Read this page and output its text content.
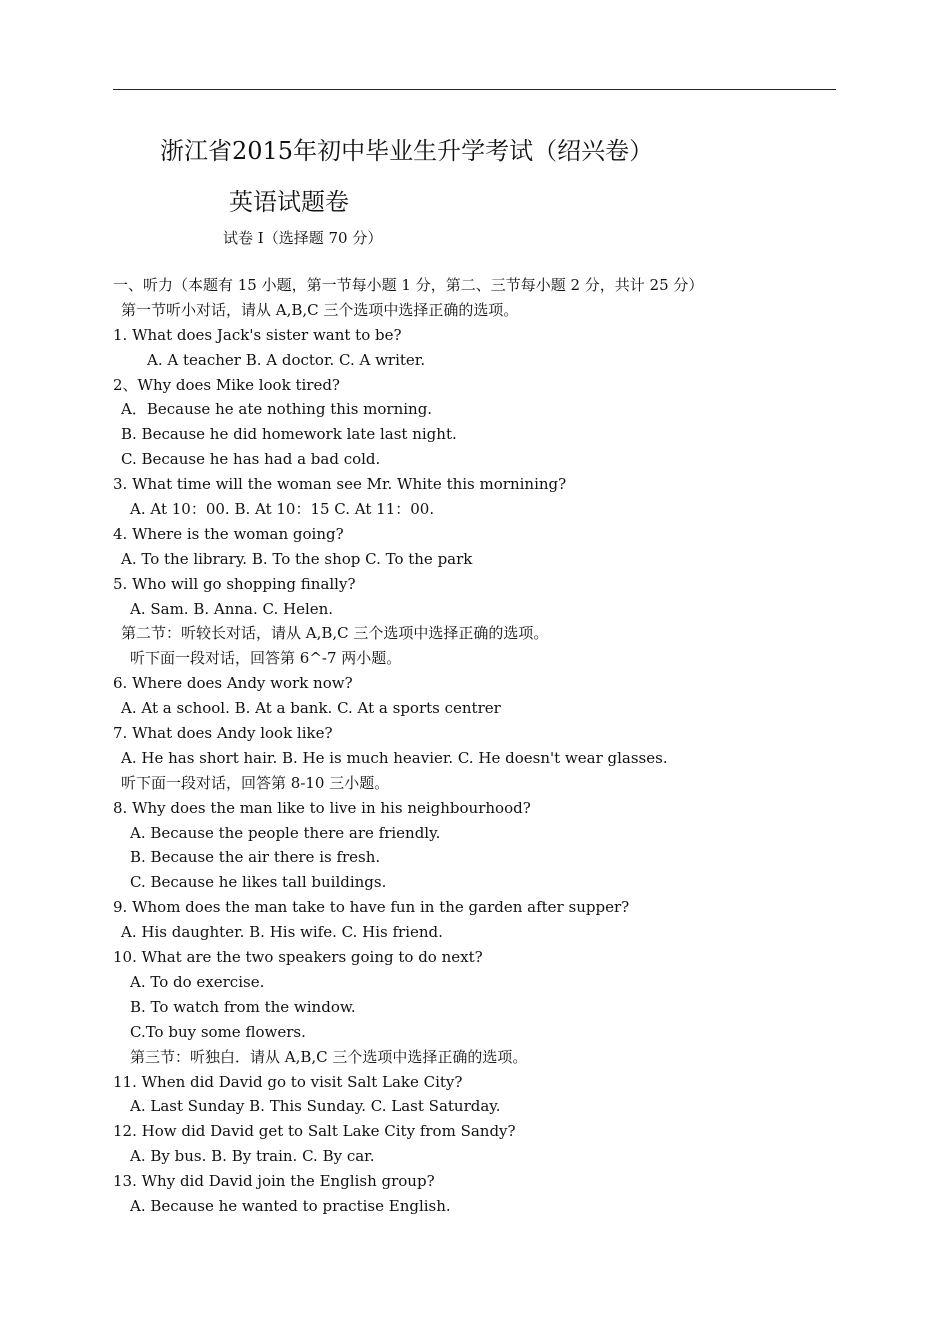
浙江省2015年初中毕业生升学考试（绍兴卷）
英语试题卷
试卷 I（选择题 70 分）
一、听力（本题有 15 小题，第一节每小题 1 分，第二、三节每小题 2 分，共计 25 分）
第一节听小对话，请从 A,B,C 三个选项中选择正确的选项。
1. What does Jack's sister want to be?
A. A teacher B. A doctor. C. A writer.
2、Why does Mike look tired?
A．Because he ate nothing this morning.
B. Because he did homework late last night.
C. Because he has had a bad cold.
3. What time will the woman see Mr. White this mornining?
A. At 10：00. B. At 10：15 C. At 11：00.
4. Where is the woman going?
A. To the library. B. To the shop C. To the park
5. Who will go shopping finally?
A. Sam. B. Anna. C. Helen.
第二节：听较长对话，请从 A,B,C 三个选项中选择正确的选项。
听下面一段对话，回答第 6^-7 两小题。
6. Where does Andy work now?
A. At a school. B. At a bank. C. At a sports centrer
7. What does Andy look like?
A. He has short hair. B. He is much heavier. C. He doesn't wear glasses.
听下面一段对话，回答第 8-10 三小题。
8. Why does the man like to live in his neighbourhood?
A. Because the people there are friendly.
B. Because the air there is fresh.
C. Because he likes tall buildings.
9. Whom does the man take to have fun in the garden after supper?
A. His daughter. B. His wife. C. His friend.
10. What are the two speakers going to do next?
A. To do exercise.
B. To watch from the window.
C.To buy some flowers.
第三节：听独白．请从 A,B,C 三个选项中选择正确的选项。
11. When did David go to visit Salt Lake City?
A. Last Sunday B. This Sunday. C. Last Saturday.
12. How did David get to Salt Lake City from Sandy?
A. By bus. B. By train. C. By car.
13. Why did David join the English group?
A. Because he wanted to practise English.
